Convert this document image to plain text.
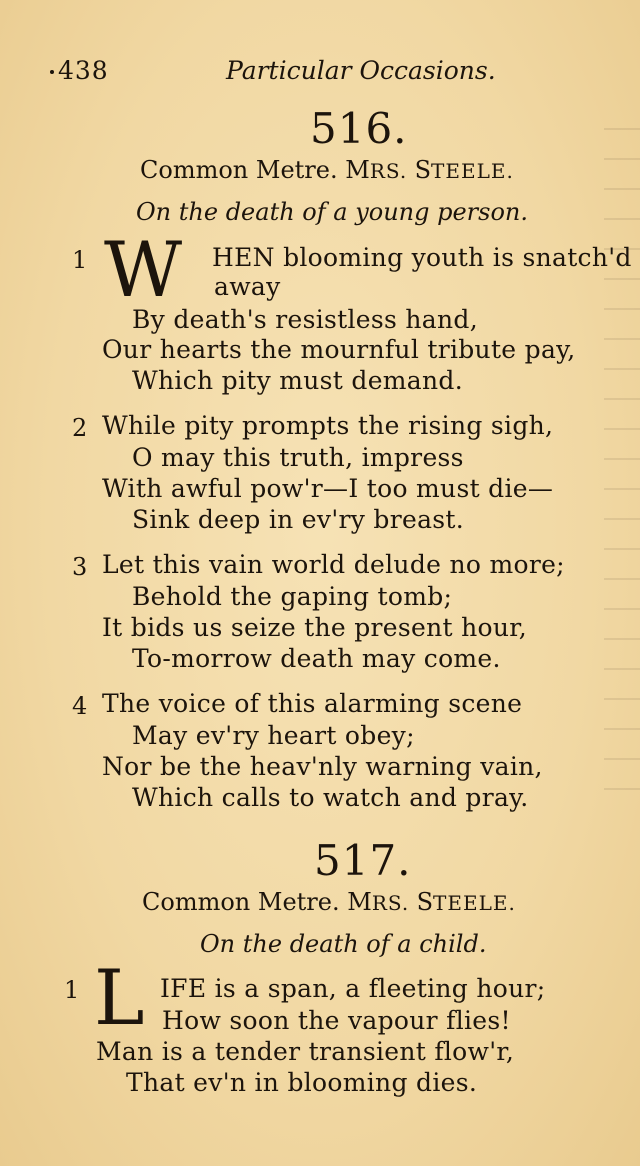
438	Particular Occasions.
516.
Common Metre. MRS. STEELE.
On the death of a young person.
1 W HEN blooming youth is snatch'd
away
By death's resistless hand,
Our hearts the mournful tribute pay,
Which pity must demand.
2 While pity prompts the rising sigh,
O may this truth, impress
With awful pow'r—I too must die—
Sink deep in ev'ry breast.
3 Let this vain world delude no more;
Behold the gaping tomb;
It bids us seize the present hour,
To-morrow death may come.
4 The voice of this alarming scene
May ev'ry heart obey;
Nor be the heav'nly warning vain,
Which calls to watch and pray.
517.
Common Metre. MRS. STEELE.
On the death of a child.
1 L IFE is a span, a fleeting hour;
How soon the vapour flies!
Man is a tender transient flow'r,
That ev'n in blooming dies.
